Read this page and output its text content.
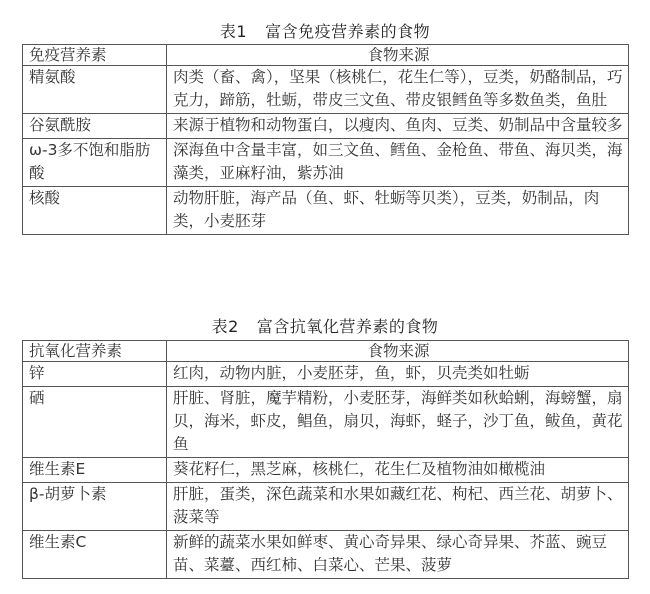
表1 富含免疫营养素的食物
免疫营养素	食物来源
精氨酸	肉类（畜、禽），坚果（核桃仁，花生仁等），豆类，奶酪制品，巧克力，蹄筋，牡蛎，带皮三文鱼、带皮银鳕鱼等多数鱼类，鱼肚
谷氨酰胺	来源于植物和动物蛋白，以瘦肉、鱼肉、豆类、奶制品中含量较多
ω-3多不饱和脂肪酸	深海鱼中含量丰富，如三文鱼、鳕鱼、金枪鱼、带鱼、海贝类，海藻类，亚麻籽油，紫苏油
核酸	动物肝脏，海产品（鱼、虾、牡蛎等贝类），豆类，奶制品，肉类，小麦胚芽
表2 富含抗氧化营养素的食物
抗氧化营养素	食物来源
锌	红肉，动物内脏，小麦胚芽，鱼，虾，贝壳类如牡蛎
硒	肝脏、肾脏，魔芋精粉，小麦胚芽，海鲜类如秋蛤蜊，海螃蟹，扇贝，海米，虾皮，鲳鱼，扇贝，海虾，蛏子，沙丁鱼，鲅鱼，黄花鱼
维生素E	葵花籽仁，黑芝麻，核桃仁，花生仁及植物油如橄榄油
β-胡萝卜素	肝脏，蛋类，深色蔬菜和水果如藏红花、枸杞、西兰花、胡萝卜、菠菜等
维生素C	新鲜的蔬菜水果如鲜枣、黄心奇异果、绿心奇异果、芥蓝、豌豆苗、菜薹、西红柿、白菜心、芒果、菠萝
